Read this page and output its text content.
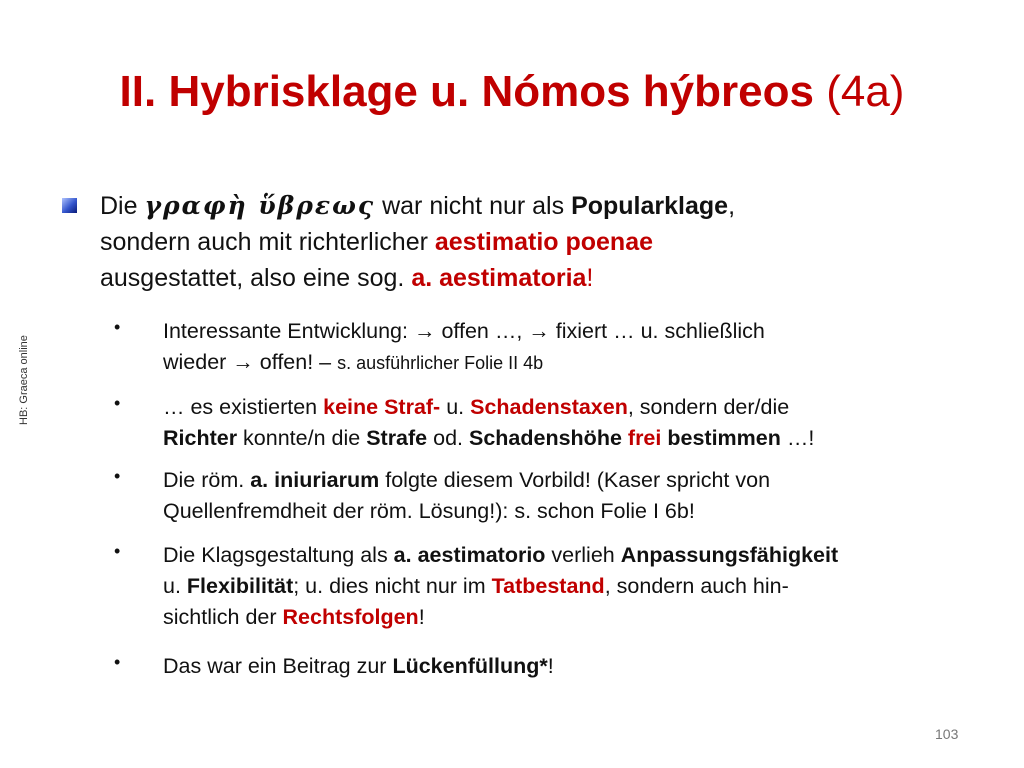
II. Hybrisklage u. Nómos hýbreos (4a)
HB: Graeca online
Die γραφὴ ὕβρεως war nicht nur als Popularklage,
sondern auch mit richterlicher aestimatio poenae
ausgestattet, also eine sog. a. aestimatoria!
• Interessante Entwicklung: → offen …, → fixiert … u. schließlich
wieder → offen! – s. ausführlicher Folie II 4b
• … es existierten keine Straf- u. Schadenstaxen, sondern der/die
Richter konnte/n die Strafe od. Schadenshöhe frei bestimmen …!
• Die röm. a. iniuriarum folgte diesem Vorbild! (Kaser spricht von
Quellenfremdheit der röm. Lösung!): s. schon Folie I 6b!
• Die Klagsgestaltung als a. aestimatorio verlieh Anpassungsfähigkeit
u. Flexibilität; u. dies nicht nur im Tatbestand, sondern auch hin-
sichtlich der Rechtsfolgen!
• Das war ein Beitrag zur Lückenfüllung*!
103
